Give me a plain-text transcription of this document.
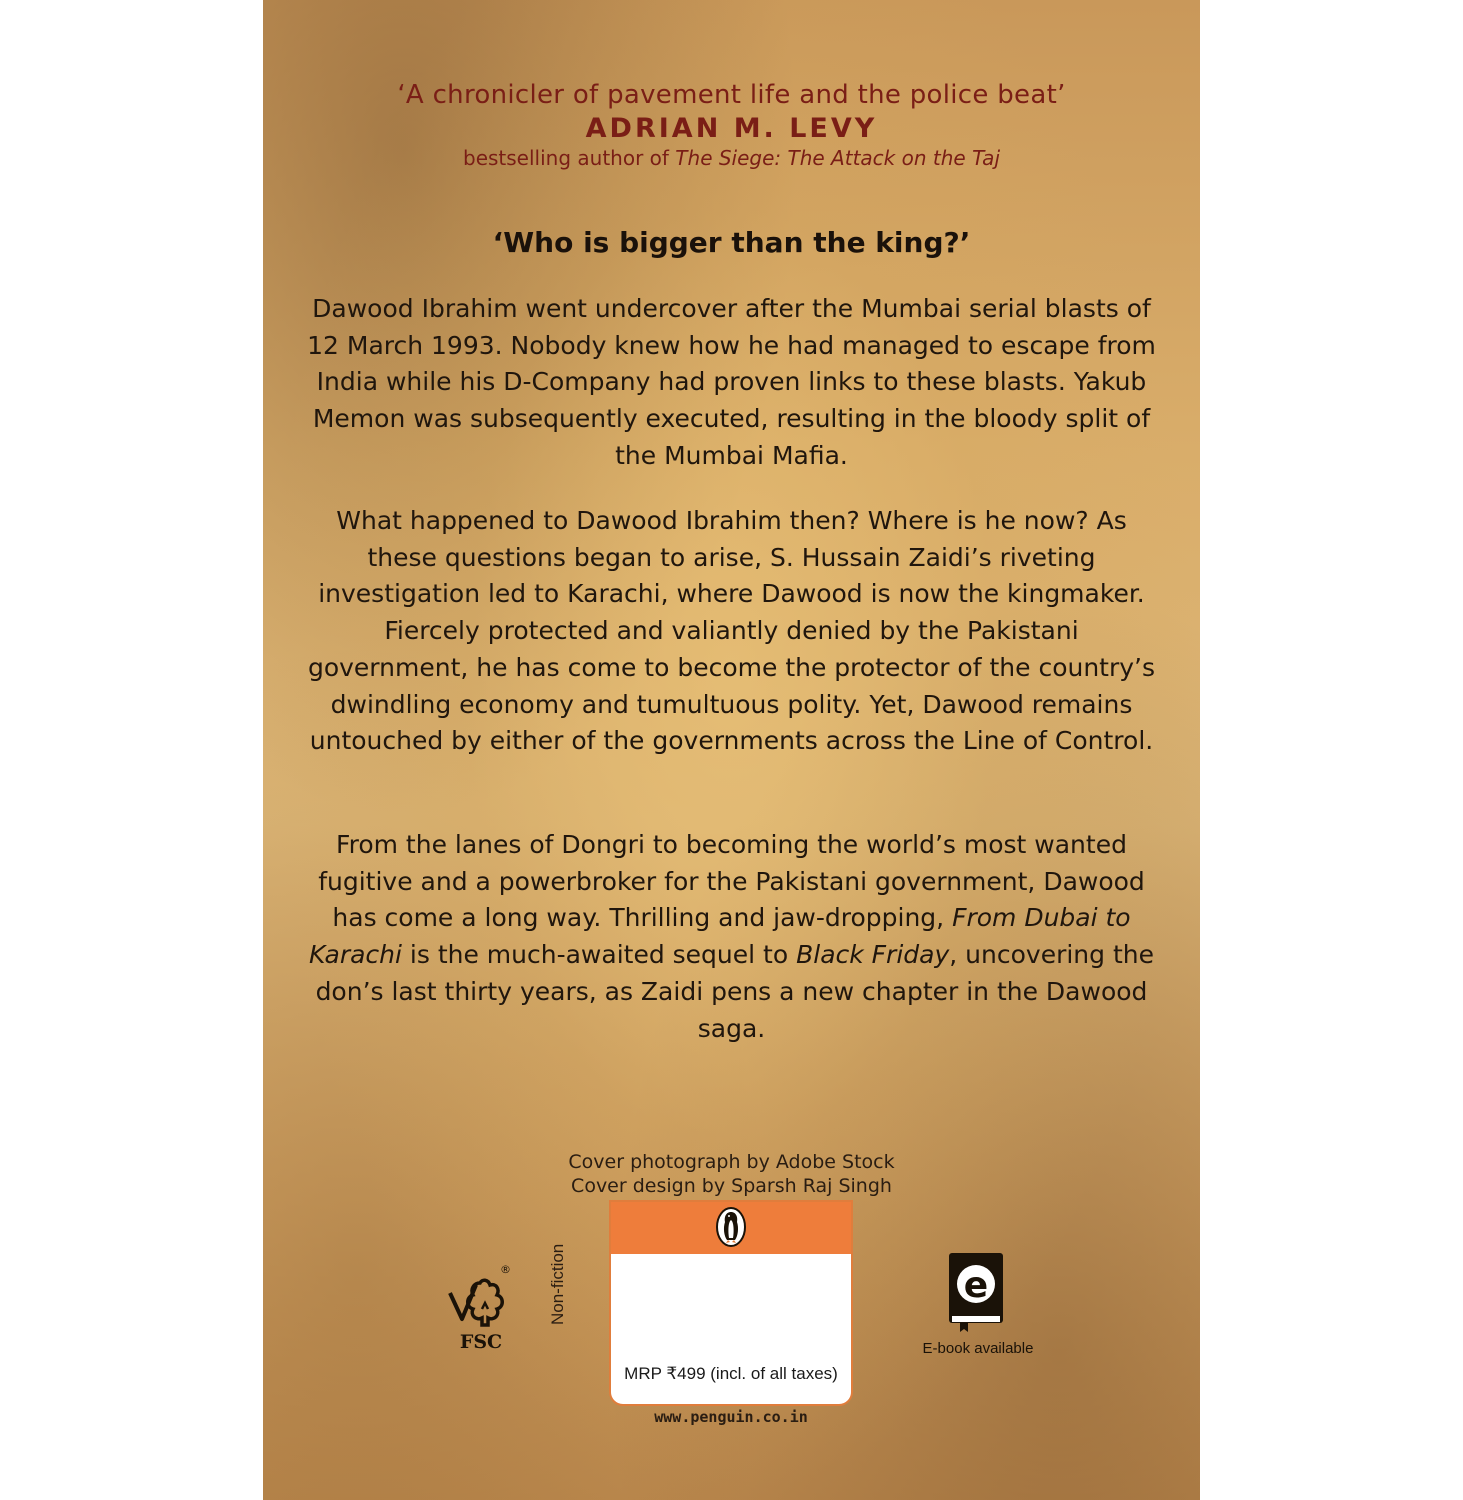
‘A chronicler of pavement life and the police beat’
ADRIAN M. LEVY
bestselling author of The Siege: The Attack on the Taj
‘Who is bigger than the king?’
Dawood Ibrahim went undercover after the Mumbai serial blasts of 12 March 1993. Nobody knew how he had managed to escape from India while his D-Company had proven links to these blasts. Yakub Memon was subsequently executed, resulting in the bloody split of the Mumbai Mafia.
What happened to Dawood Ibrahim then? Where is he now? As these questions began to arise, S. Hussain Zaidi’s riveting investigation led to Karachi, where Dawood is now the kingmaker. Fiercely protected and valiantly denied by the Pakistani government, he has come to become the protector of the country’s dwindling economy and tumultuous polity. Yet, Dawood remains untouched by either of the governments across the Line of Control.
From the lanes of Dongri to becoming the world’s most wanted fugitive and a powerbroker for the Pakistani government, Dawood has come a long way. Thrilling and jaw-dropping, From Dubai to Karachi is the much-awaited sequel to Black Friday, uncovering the don’s last thirty years, as Zaidi pens a new chapter in the Dawood saga.
Cover photograph by Adobe Stock
Cover design by Sparsh Raj Singh
®
FSC
Non-fiction
MRP ₹499 (incl. of all taxes)
www.penguin.co.in
e
E-book available
